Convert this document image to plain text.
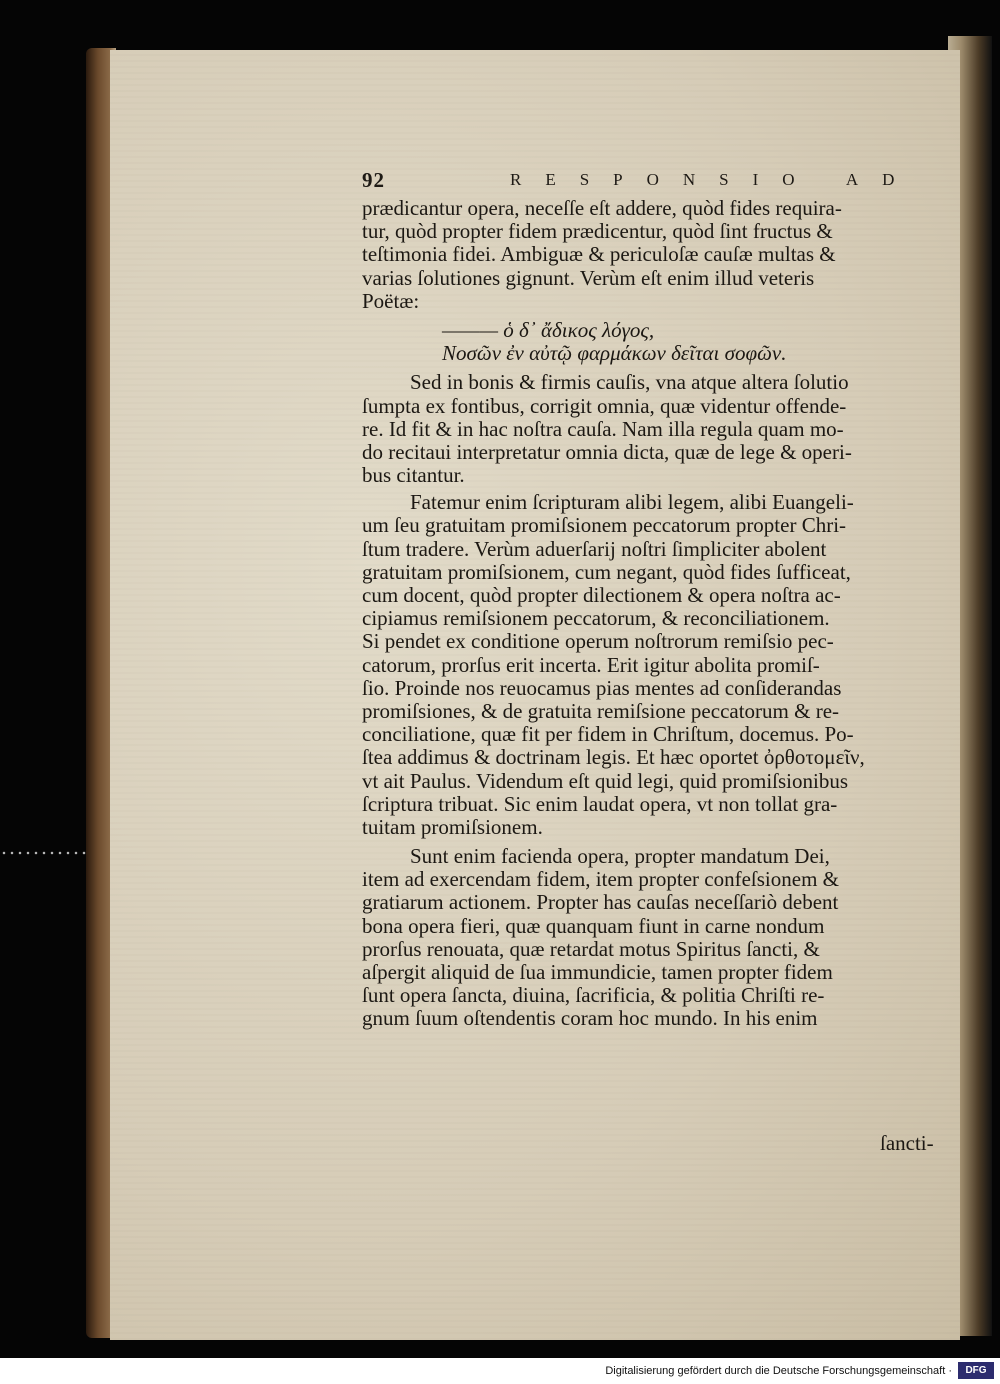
92	RESPONSIO AD
prædicantur opera, neceſſe eſt addere, quòd fides requira-
tur, quòd propter fidem prædicentur, quòd ſint fructus &
teſtimonia fidei. Ambiguæ & periculoſæ cauſæ multas &
varias ſolutiones gignunt. Verùm eſt enim illud veteris
Poëtæ:
——— ὁ δ᾽ ἄδικος λόγος,
Νοσῶν ἐν αὐτῷ φαρμάκων δεῖται σοφῶν.
Sed in bonis & firmis cauſis, vna atque altera ſolutio
ſumpta ex fontibus, corrigit omnia, quæ videntur offende-
re. Id fit & in hac noſtra cauſa. Nam illa regula quam mo-
do recitaui interpretatur omnia dicta, quæ de lege & operi-
bus citantur.
Fatemur enim ſcripturam alibi legem, alibi Euangeli-
um ſeu gratuitam promiſsionem peccatorum propter Chri-
ſtum tradere. Verùm aduerſarij noſtri ſimpliciter abolent
gratuitam promiſsionem, cum negant, quòd fides ſufficeat,
cum docent, quòd propter dilectionem & opera noſtra ac-
cipiamus remiſsionem peccatorum, & reconciliationem.
Si pendet ex conditione operum noſtrorum remiſsio pec-
catorum, prorſus erit incerta. Erit igitur abolita promiſ-
ſio. Proinde nos reuocamus pias mentes ad conſiderandas
promiſsiones, & de gratuita remiſsione peccatorum & re-
conciliatione, quæ fit per fidem in Chriſtum, docemus. Po-
ſtea addimus & doctrinam legis. Et hæc oportet ὀρθοτομεῖν,
vt ait Paulus. Videndum eſt quid legi, quid promiſsionibus
ſcriptura tribuat. Sic enim laudat opera, vt non tollat gra-
tuitam promiſsionem.
Sunt enim facienda opera, propter mandatum Dei,
item ad exercendam fidem, item propter confeſsionem &
gratiarum actionem. Propter has cauſas neceſſariò debent
bona opera fieri, quæ quanquam fiunt in carne nondum
prorſus renouata, quæ retardat motus Spiritus ſancti, &
aſpergit aliquid de ſua immundicie, tamen propter fidem
ſunt opera ſancta, diuina, ſacrificia, & politia Chriſti re-
gnum ſuum oſtendentis coram hoc mundo. In his enim
ſancti-
Digitalisierung gefördert durch die Deutsche Forschungsgemeinschaft ·	DFG
